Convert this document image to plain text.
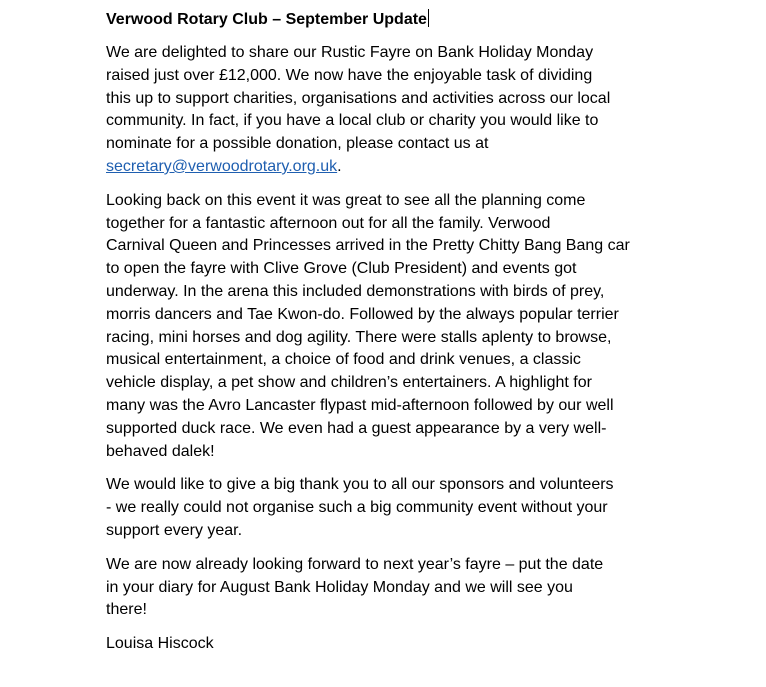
Verwood Rotary Club – September Update
We are delighted to share our Rustic Fayre on Bank Holiday Monday
raised just over £12,000. We now have the enjoyable task of dividing
this up to support charities, organisations and activities across our local
community. In fact, if you have a local club or charity you would like to
nominate for a possible donation, please contact us at
secretary@verwoodrotary.org.uk.
Looking back on this event it was great to see all the planning come
together for a fantastic afternoon out for all the family. Verwood
Carnival Queen and Princesses arrived in the Pretty Chitty Bang Bang car
to open the fayre with Clive Grove (Club President) and events got
underway. In the arena this included demonstrations with birds of prey,
morris dancers and Tae Kwon-do. Followed by the always popular terrier
racing, mini horses and dog agility. There were stalls aplenty to browse,
musical entertainment, a choice of food and drink venues, a classic
vehicle display, a pet show and children’s entertainers. A highlight for
many was the Avro Lancaster flypast mid-afternoon followed by our well
supported duck race. We even had a guest appearance by a very well-
behaved dalek!
We would like to give a big thank you to all our sponsors and volunteers
- we really could not organise such a big community event without your
support every year.
We are now already looking forward to next year’s fayre – put the date
in your diary for August Bank Holiday Monday and we will see you
there!
Louisa Hiscock
